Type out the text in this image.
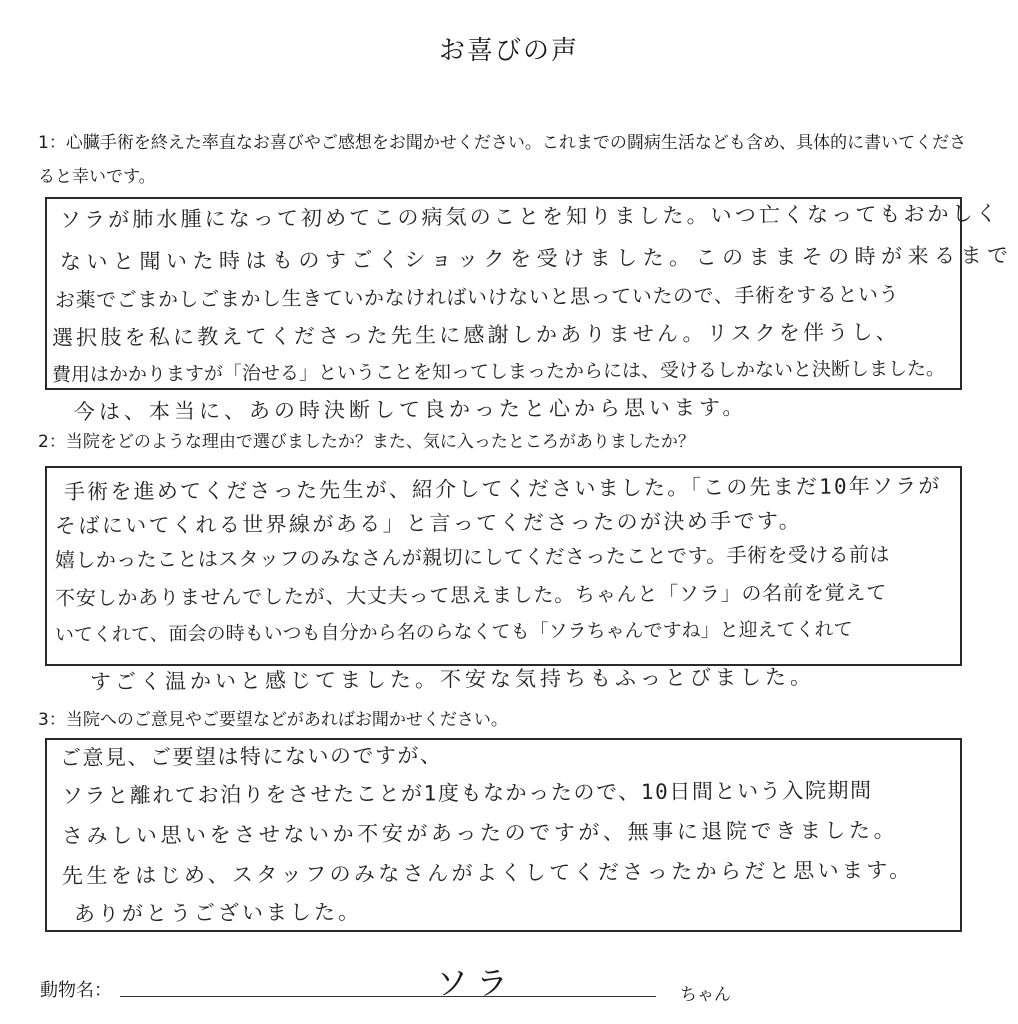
お喜びの声
1：心臓手術を終えた率直なお喜びやご感想をお聞かせください。これまでの闘病生活なども含め、具体的に書いてくださると幸いです。
ソラが肺水腫になって初めてこの病気のことを知りました。いつ亡くなってもおかしく
ないと聞いた時はものすごくショックを受けました。このままその時が来るまで
お薬でごまかしごまかし生きていかなければいけないと思っていたので、手術をするという
選択肢を私に教えてくださった先生に感謝しかありません。リスクを伴うし、
費用はかかりますが「治せる」ということを知ってしまったからには、受けるしかないと決断しました。
今は、本当に、あの時決断して良かったと心から思います。
2：当院をどのような理由で選びましたか？また、気に入ったところがありましたか？
手術を進めてくださった先生が、紹介してくださいました。「この先まだ10年ソラが
そばにいてくれる世界線がある」と言ってくださったのが決め手です。
嬉しかったことはスタッフのみなさんが親切にしてくださったことです。手術を受ける前は
不安しかありませんでしたが、大丈夫って思えました。ちゃんと「ソラ」の名前を覚えて
いてくれて、面会の時もいつも自分から名のらなくても「ソラちゃんですね」と迎えてくれて
すごく温かいと感じてました。不安な気持ちもふっとびました。
3：当院へのご意見やご要望などがあればお聞かせください。
ご意見、ご要望は特にないのですが、
ソラと離れてお泊りをさせたことが1度もなかったので、10日間という入院期間
さみしい思いをさせないか不安があったのですが、無事に退院できました。
先生をはじめ、スタッフのみなさんがよくしてくださったからだと思います。
ありがとうございました。
動物名：	ソラ	ちゃん
